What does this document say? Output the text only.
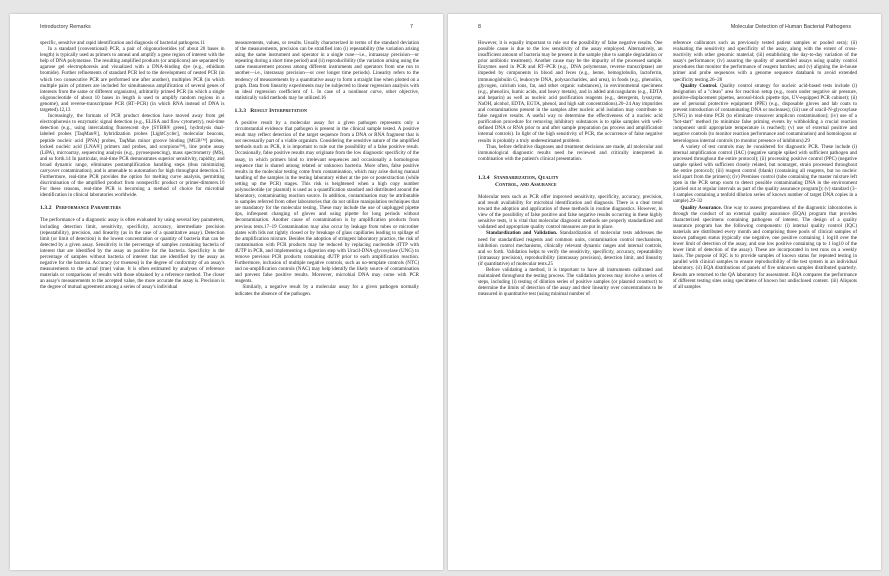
Introductory Remarks	7

specific, sensitive and rapid identification and diagnosis of bacterial pathogens.11

In a standard (conventional) PCR, a pair of oligonucleotides (of about 20 bases in length) is typically used as primers to anneal and amplify a gene region of interest with the help of DNA polymerase. The resulting amplified products (or amplicons) are separated by agarose gel electrophoresis and visualized with a DNA-binding dye (e.g., ethidium bromide). Further refinements of standard PCR led to the development of nested PCR (in which two consecutive PCR are performed one after another), multiplex PCR (in which multiple pairs of primers are included for simultaneous amplification of several genes of interests from the same or different organisms), arbitrarily primed PCR (in which a single oligonucleotide of about 10 bases in length is used to amplify random regions in a genome), and reverse-transcriptase PCR (RT–PCR) (in which RNA instead of DNA is targeted).12,13

Increasingly, the formats of PCR product detection have moved away from gel electrophoresis to enzymatic signal detection (e.g., ELISA and flow cytometry), real-time detection (e.g., using intercalating fluorescent dye [SYBR® green], hydrolysis dual-labeled probes [TaqMan®], hybridization probes [LightCycler], molecular beacons, peptide nucleic acid [PNA] probes, TaqMan minor groove binding [MGB™] probes, locked nucleic acid [LNA®] primers and probes, and scorpions™), line probe assay (LiPA), microarray, sequencing analysis (e.g., pyrosequencing), mass spectrometry (MS), and so forth.14 In particular, real-time PCR demonstrates superior sensitivity, rapidity, and broad dynamic range, eliminates postamplification handling steps (thus minimizing carryover contamination), and is amenable to automation for high throughput detection.15 Furthermore, real-time PCR provides the option for melting curve analysis, permitting discrimination of the amplified product from nonspecific product or primer-dimmers.16 For these reasons, real-time PCR is becoming a method of choice for microbial identification in clinical laboratories worldwide.

1.3.2 Performance Parameters

The performance of a diagnostic assay is often evaluated by using several key parameters, including detection limit, sensitivity, specificity, accuracy, intermediate precision (repeatability), precision, and linearity (as in the case of a quantitative assay). Detection limit (or limit of detection) is the lowest concentration or quantity of bacteria that can be detected by a given assay. Sensitivity is the percentage of samples containing bacteria of interest that are identified by the assay as positive for the bacteria. Specificity is the percentage of samples without bacteria of interest that are identified by the assay as negative for the bacteria. Accuracy (or trueness) is the degree of conformity of an assay's measurements to the actual (true) value. It is often estimated by analyses of reference materials or comparisons of results with those obtained by a reference method. The closer an assay's measurements to the accepted value, the more accurate the assay is. Precision is the degree of mutual agreement among a series of assay's individual

measurements, values, or results. Usually characterized in terms of the standard deviation of the measurements, precision can be stratified into (i) repeatability (the variation arising using the same instrument and operator in a single rune—i.e., intraassay precision—or repeating during a short time period) and (ii) reproducibility (the variation arising using the same measurement process among different instruments and operators from one run to another—i.e., interassay precision—or over longer time periods). Linearity refers to the tendency of measurements by a quantitative assay to form a straight line when plotted on a graph. Data from linearity experiments may be subjected to linear regression analysis with an ideal regression coefficient of 1. In case of a nonlinear curve, other objective, statistically valid methods may be utilized.16

1.3.3 Result Interpretation

A positive result by a molecular assay for a given pathogen represents only a circumstantial evidence that pathogen is present in the clinical sample tested. A positive result may reflect detection of the target sequence from a DNA or RNA fragment that is not necessarily part of a viable organism. Considering the sensitive nature of the amplified methods such as PCR, it is important to rule out the possibility of a false positive result. Occasionally, false positive results may originate from the low diagnostic specificity of the assay, in which primers bind to irrelevant sequences and occasionally a homologous sequence that is shared among related or unknown bacteria. More often, false positive results in the molecular testing come from contamination, which may arise during manual handling of the samples in the testing laboratory either at the pre or postextraction (while setting up the PCR) stages. This risk is heightened when a high copy number polynucleotide (or plasmid) is used as a quantification standard and distributed around the laboratory, contaminating reaction source. In addition, contamination may be attributable to samples referred from other laboratories that do not utilize manipulation techniques that are mandatory for the molecular testing. These may include the use of unplugged pipette tips, infrequent changing of gloves and using pipette for long periods without decontamination. Another cause of contamination is by amplification products from previous tests.17–19 Contamination may also occur by leakage from tubes or microtiter plates with lids not tightly closed or by breakage of glass capillaries leading to spillage of the amplification mixture. Besides the adoption of stringent laboratory practice, the risk of contamination with PCR products may be reduced by replacing nucleotide dTTP with dUTP in PCR, and implementing a digestion step with Uracil-DNA-glycosylase (UNG) to remove previous PCR products containing dUTP prior to each amplification reaction. Furthermore, inclusion of multiple negative controls, such as no-template controls (NTC) and no-amplification controls (NAC) may help identify the likely source of contamination and prevent false positive results. Moreover, microbial DNA may come with PCR reagents.

Similarly, a negative result by a molecular assay for a given pathogen normally indicates the absence of the pathogen.

8	Molecular Detection of Human Bacterial Pathogens

However, it is equally important to rule out the possibility of false negative results. One possible cause is due to the low sensitivity of the assay employed. Alternatively, an insufficient amount of bacteria may be present in the sample (due to sample degradation or prior antibiotic treatment). Another cause may be the impurity of the processed sample. Enzymes used in PCR and RT–PCR (e.g., DNA polymerase, reverse transcriptase) are impeded by components in blood and feces (e.g., heme, hemoglobulin, lactoferrin, immunoglobulin G, leukocyte DNA, polysaccharides, and urea), in foods (e.g., phenolics, glycogen, calcium ions, fat, and other organic substances), in environmental specimens (e.g., phenolics, humic acids, and heavy metals), and in added anticoagulants (e.g., EDTA and heparin) as well as nucleic acid purification reagents (e.g., detergents, lysozyme, NaOH, alcohol, EDTA, EGTA, phenol, and high salt concentrations).20–24 Any impurities and contaminations present in the samples after nucleic acid isolation may contribute to false negative results. A useful way to determine the effectiveness of a nucleic acid purification procedure for removing inhibitory substances is to spike samples with well-defined DNA or RNA prior to and after sample preparation (as process and amplification internal controls). In light of the high sensitivity of PCR, the occurrence of false negative results is probably a truly underestimated problem.

Thus, before definitive diagnoses and treatment decisions are made, all molecular and immunological diagnostic results need be reviewed and critically interpreted in combination with the patient's clinical presentation.

1.3.4 Standardization, Quality
Control, and Assurance

Molecular tests such as PCR offer improved sensitivity, specificity, accuracy, precision, and result availability for microbial identification and diagnosis. There is a clear trend toward the adoption and application of these methods in routine diagnostics. However, in view of the possibility of false positive and false negative results occurring in these highly sensitive tests, it is vital that molecular diagnostic methods are properly standardized and validated and appropriate quality control measures are put in place.

Standardization and Validation. Standardization of molecular tests addresses the need for standardized reagents and common units, contamination control mechanisms, inhibition control mechanisms, clinically relevant dynamic ranges and internal controls, and so forth. Validation helps to verify the sensitivity, specificity, accuracy, repeatability (intraassay precision), reproducibility (interassay precision), detection limit, and linearity (if quantitative) of molecular tests.25

Before validating a method, it is important to have all instruments calibrated and maintained throughout the testing process. The validation process may involve a series of steps, including (i) testing of dilution series of positive samples (or plasmid construct) to determine the limits of detection of the assay and their linearity over concentrations to be measured in quantitative test (using minimal number of

reference calibrators such as previously tested patient samples or pooled sera); (ii) evaluating the sensitivity and specificity of the assay, along with the extent of cross-reactivity with other genomic material; (iii) establishing the day-to-day variation of the assay's performance; (iv) assuring the quality of assembled assays using quality control procedures that monitor the performance of reagent batches; and (v) aligning the in-house primer and probe sequences with a genome sequence databank to avoid extended specificity testing.26–28

Quality Control. Quality control strategy for nucleic acid-based tests include (i) designation of a "clean" area for reaction setup (e.g., room under negative air pressure, positive-displacement pipettes, aerosol-block pipette tips, UV-equipped PCR cabinet); (ii) use of personal protective equipment (PPE) (e.g., disposable gloves and lab coats to prevent introduction of contaminating DNA or nucleases); (iii) use of uracil-N-glycosylase (UNG) in real-time PCR (to eliminate crossover amplicon contamination); (iv) use of a "hot-start" method (to minimize false priming events by withholding a crucial reaction component until appropriate temperature is reached); (v) use of external positive and negative controls (to monitor reaction performance and contamination) and homologous or heterologous internal controls (to monitor presence of inhibitors).29

A variety of test controls may be considered for diagnostic PCR. These include (i) internal amplification control (IAC) (negative sample spiked with sufficient pathogen and processed throughout the entire protocol); (ii) processing positive control (PPC) (negative sample spiked with sufficient closely related, but nontarget, strain processed throughout the entire protocol); (iii) reagent control (blank) (containing all reagents, but no nucleic acid apart from the primers); (iv) Premises control (tube containing the master mixture left open in the PCR setup room to detect possible contaminating DNA in the environment [carried out at regular intervals as part of the quality assurance program]); (v) standard (3–4 samples containing a tenfold dilution series of known number of target DNA copies in a sample).29–32

Quality Assurance. One way to assess preparedness of the diagnostic laboratories is through the conduct of an external quality assurance (EQA) program that provides characterized specimens containing pathogens of interest. The design of a quality assurance program has the following components: (i) internal quality control (IQC) materials are distributed every month and comprising three pools of clinical samples of known pathogen status (typically one negative, one positive containing 1 log10 over the lower limit of detection of the assay, and one low positive containing up to 1 log10 of the lower limit of detection of the assay). These are incorporated in test runs on a weekly basis. The purpose of IQC is to provide samples of known status for repeated testing in parallel with clinical samples to ensure reproducibility of the test system in an individual laboratory. (ii) EQA distributions of panels of five unknown samples distributed quarterly. Results are returned to the QA laboratory for assessment. EQA compares the performance of different testing sites using specimens of known but undisclosed content. (iii) Aliquots of all samples
